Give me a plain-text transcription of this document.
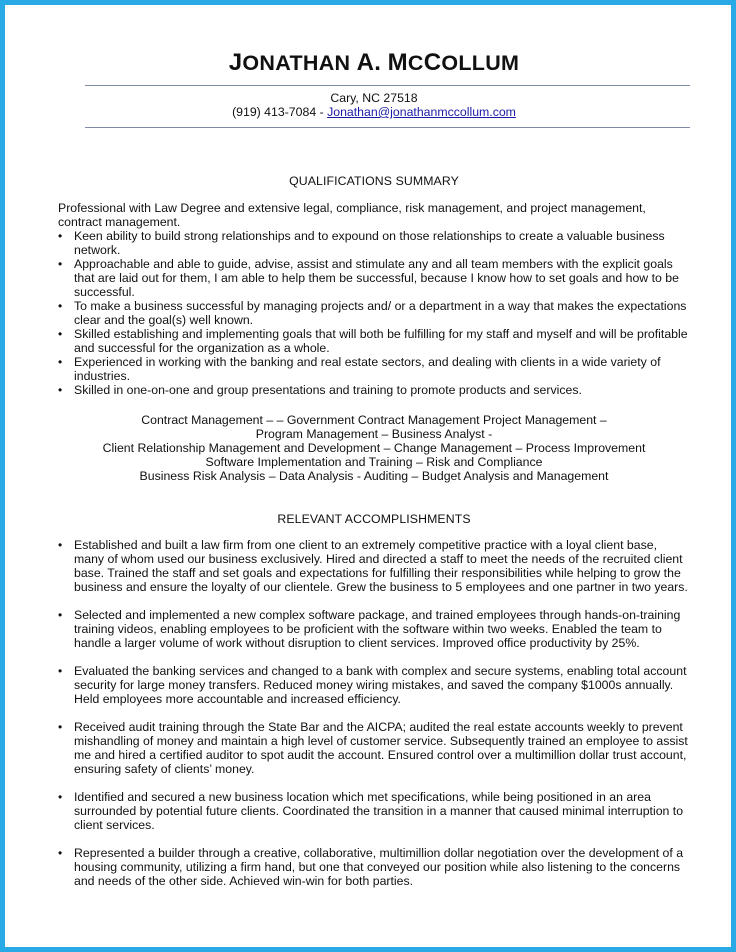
JONATHAN A. MCCOLLUM
Cary, NC 27518
(919) 413-7084 - Jonathan@jonathanmccollum.com
QUALIFICATIONS SUMMARY
Professional with Law Degree and extensive legal, compliance, risk management, and project management, contract management.
• Keen ability to build strong relationships and to expound on those relationships to create a valuable business network.
• Approachable and able to guide, advise, assist and stimulate any and all team members with the explicit goals that are laid out for them, I am able to help them be successful, because I know how to set goals and how to be successful.
• To make a business successful by managing projects and/ or a department in a way that makes the expectations clear and the goal(s) well known.
• Skilled establishing and implementing goals that will both be fulfilling for my staff and myself and will be profitable and successful for the organization as a whole.
• Experienced in working with the banking and real estate sectors, and dealing with clients in a wide variety of industries.
• Skilled in one-on-one and group presentations and training to promote products and services.
Contract Management – – Government Contract Management Project Management –
Program Management – Business Analyst -
Client Relationship Management and Development – Change Management – Process Improvement
Software Implementation and Training – Risk and Compliance
Business Risk Analysis – Data Analysis - Auditing – Budget Analysis and Management
RELEVANT ACCOMPLISHMENTS
• Established and built a law firm from one client to an extremely competitive practice with a loyal client base, many of whom used our business exclusively. Hired and directed a staff to meet the needs of the recruited client base. Trained the staff and set goals and expectations for fulfilling their responsibilities while helping to grow the business and ensure the loyalty of our clientele. Grew the business to 5 employees and one partner in two years.
• Selected and implemented a new complex software package, and trained employees through hands-on-training training videos, enabling employees to be proficient with the software within two weeks. Enabled the team to handle a larger volume of work without disruption to client services. Improved office productivity by 25%.
• Evaluated the banking services and changed to a bank with complex and secure systems, enabling total account security for large money transfers. Reduced money wiring mistakes, and saved the company $1000s annually. Held employees more accountable and increased efficiency.
• Received audit training through the State Bar and the AICPA; audited the real estate accounts weekly to prevent mishandling of money and maintain a high level of customer service. Subsequently trained an employee to assist me and hired a certified auditor to spot audit the account. Ensured control over a multimillion dollar trust account, ensuring safety of clients’ money.
• Identified and secured a new business location which met specifications, while being positioned in an area surrounded by potential future clients. Coordinated the transition in a manner that caused minimal interruption to client services.
• Represented a builder through a creative, collaborative, multimillion dollar negotiation over the development of a housing community, utilizing a firm hand, but one that conveyed our position while also listening to the concerns and needs of the other side. Achieved win-win for both parties.
